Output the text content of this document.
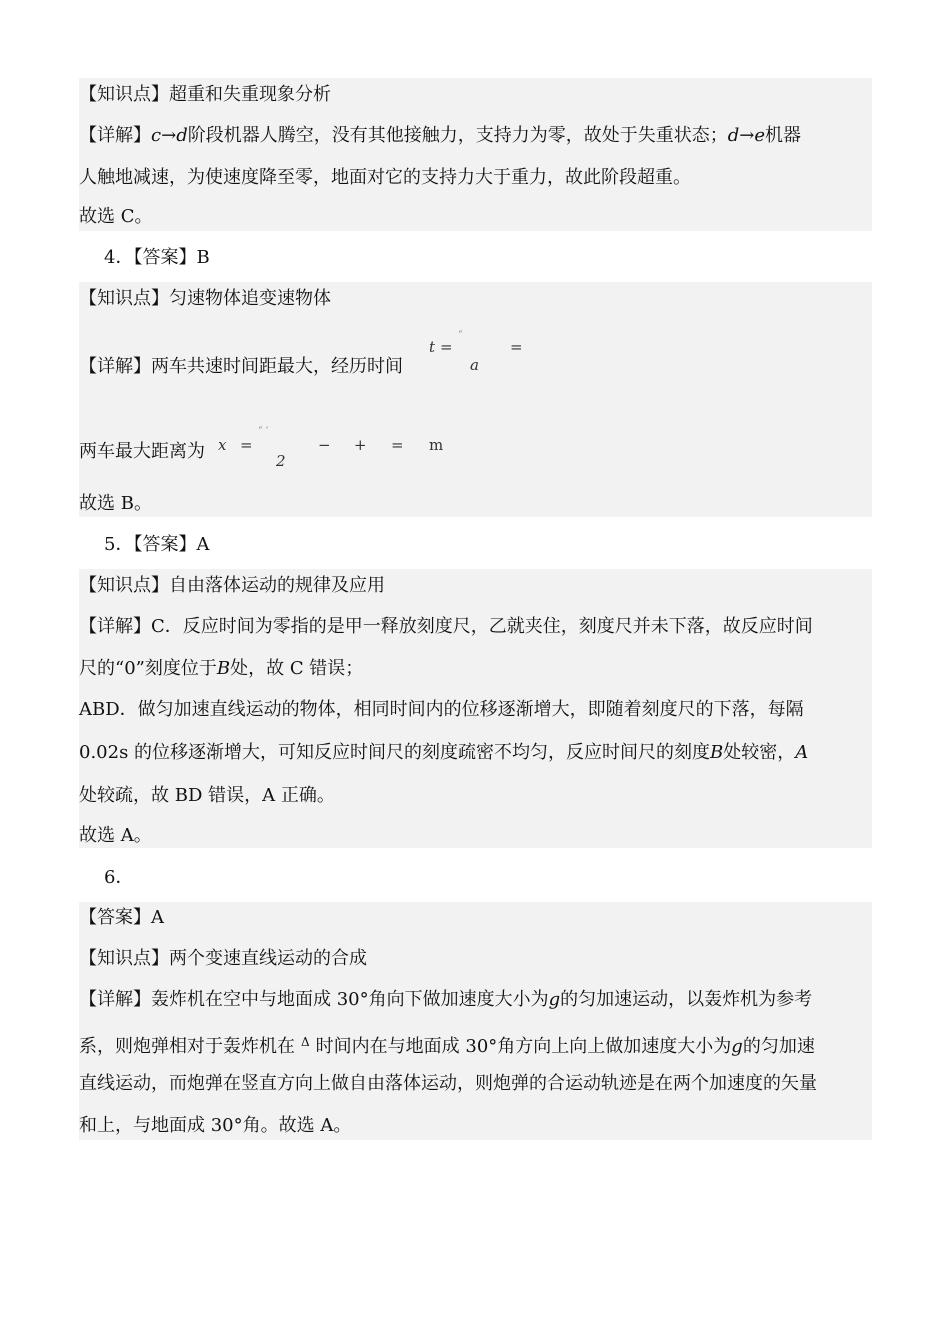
【知识点】超重和失重现象分析
【详解】c→d阶段机器人腾空，没有其他接触力，支持力为零，故处于失重状态；d→e机器
人触地减速，为使速度降至零，地面对它的支持力大于重力，故此阶段超重。
故选 C。
4．【答案】B
【知识点】匀速物体追变速物体
【详解】两车共速时间距最大，经历时间
t =
“
a
=
两车最大距离为 x =
“ ‘
2
− + = m
故选 B。
5．【答案】A
【知识点】自由落体运动的规律及应用
【详解】C．反应时间为零指的是甲一释放刻度尺，乙就夹住，刻度尺并未下落，故反应时间
尺的“0”刻度位于B处，故 C 错误；
ABD．做匀加速直线运动的物体，相同时间内的位移逐渐增大，即随着刻度尺的下落，每隔
0.02s 的位移逐渐增大，可知反应时间尺的刻度疏密不均匀，反应时间尺的刻度B处较密，A
处较疏，故 BD 错误，A 正确。
故选 A。
6．
【答案】A
【知识点】两个变速直线运动的合成
【详解】轰炸机在空中与地面成 30°角向下做加速度大小为g的匀加速运动，以轰炸机为参考
系，则炮弹相对于轰炸机在 $^\Delta$ 时间内在与地面成 30°角方向上向上做加速度大小为g的匀加速
直线运动，而炮弹在竖直方向上做自由落体运动，则炮弹的合运动轨迹是在两个加速度的矢量
和上，与地面成 30°角。故选 A。
